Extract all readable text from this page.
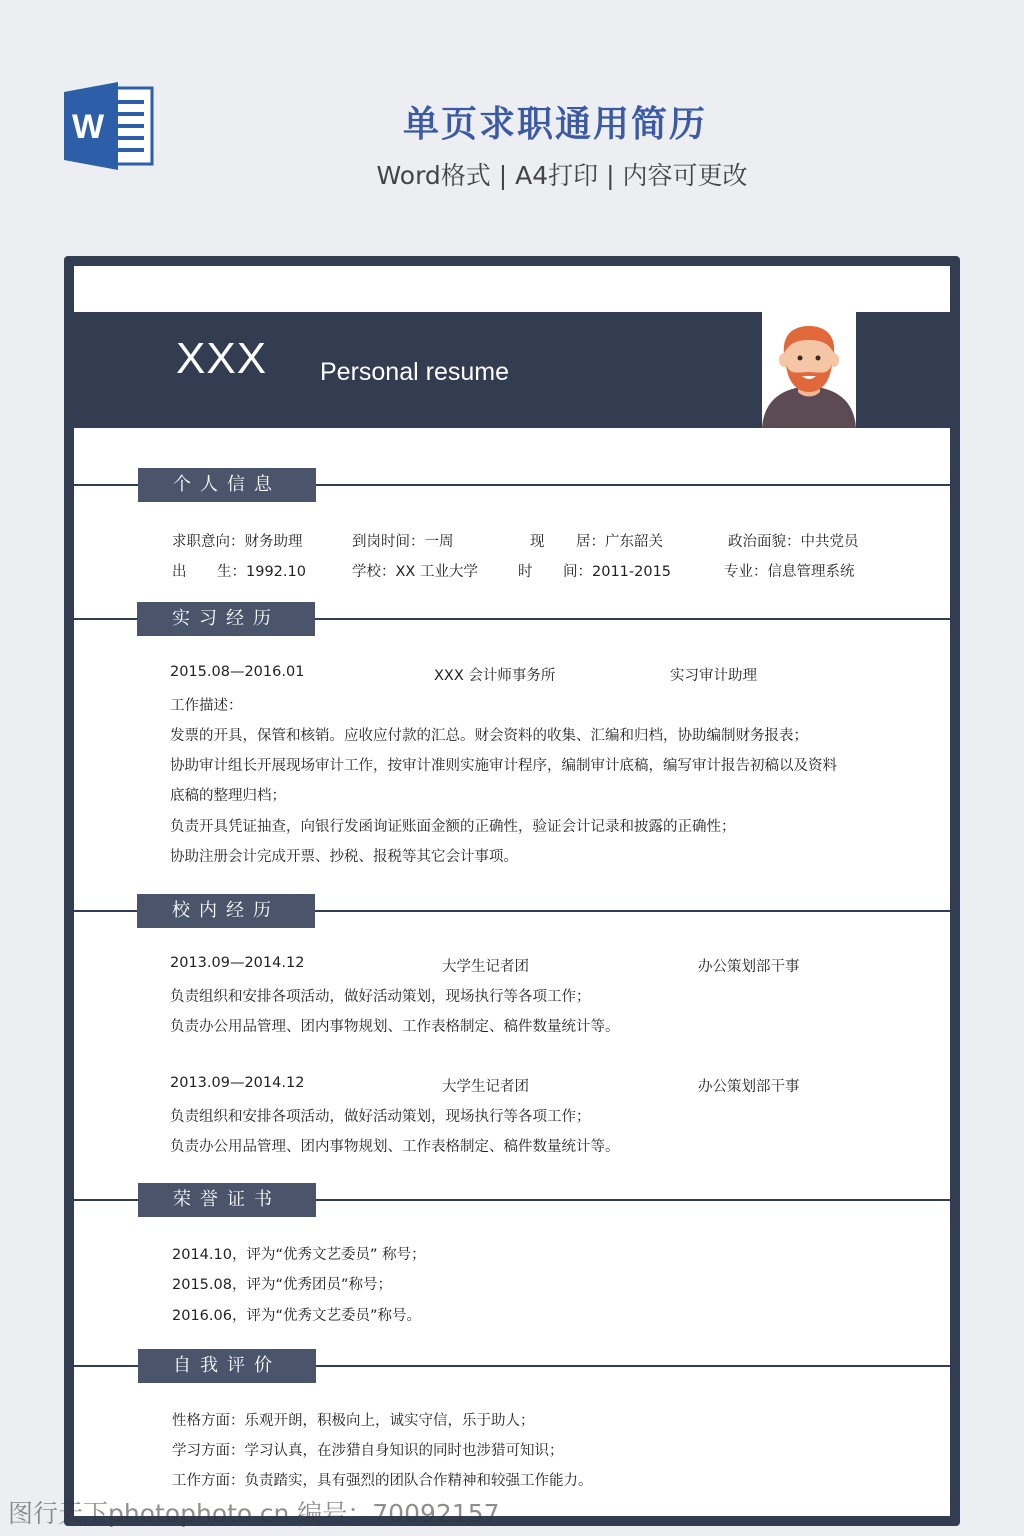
W	单页求职通用简历
Word格式 | A4打印 | 内容可更改
XXX Personal resume
个人信息
求职意向：财务助理	到岗时间：一周	现 居：广东韶关	政治面貌：中共党员
出 生：1992.10	学校：XX 工业大学	时 间：2011-2015	专业：信息管理系统
实习经历
2015.08—2016.01	XXX 会计师事务所	实习审计助理
工作描述：
发票的开具，保管和核销。应收应付款的汇总。财会资料的收集、汇编和归档，协助编制财务报表；
协助审计组长开展现场审计工作，按审计准则实施审计程序，编制审计底稿，编写审计报告初稿以及资料
底稿的整理归档；
负责开具凭证抽查，向银行发函询证账面金额的正确性，验证会计记录和披露的正确性；
协助注册会计完成开票、抄税、报税等其它会计事项。
校内经历
2013.09—2014.12	大学生记者团	办公策划部干事
负责组织和安排各项活动，做好活动策划，现场执行等各项工作；
负责办公用品管理、团内事物规划、工作表格制定、稿件数量统计等。
2013.09—2014.12	大学生记者团	办公策划部干事
负责组织和安排各项活动，做好活动策划，现场执行等各项工作；
负责办公用品管理、团内事物规划、工作表格制定、稿件数量统计等。
荣誉证书
2014.10，评为“优秀文艺委员” 称号；
2015.08，评为“优秀团员”称号；
2016.06，评为“优秀文艺委员”称号。
自我评价
性格方面：乐观开朗，积极向上，诚实守信，乐于助人；
学习方面：学习认真，在涉猎自身知识的同时也涉猎可知识；
工作方面：负责踏实，具有强烈的团队合作精神和较强工作能力。
图行天下photophoto.cn 编号：70092157
